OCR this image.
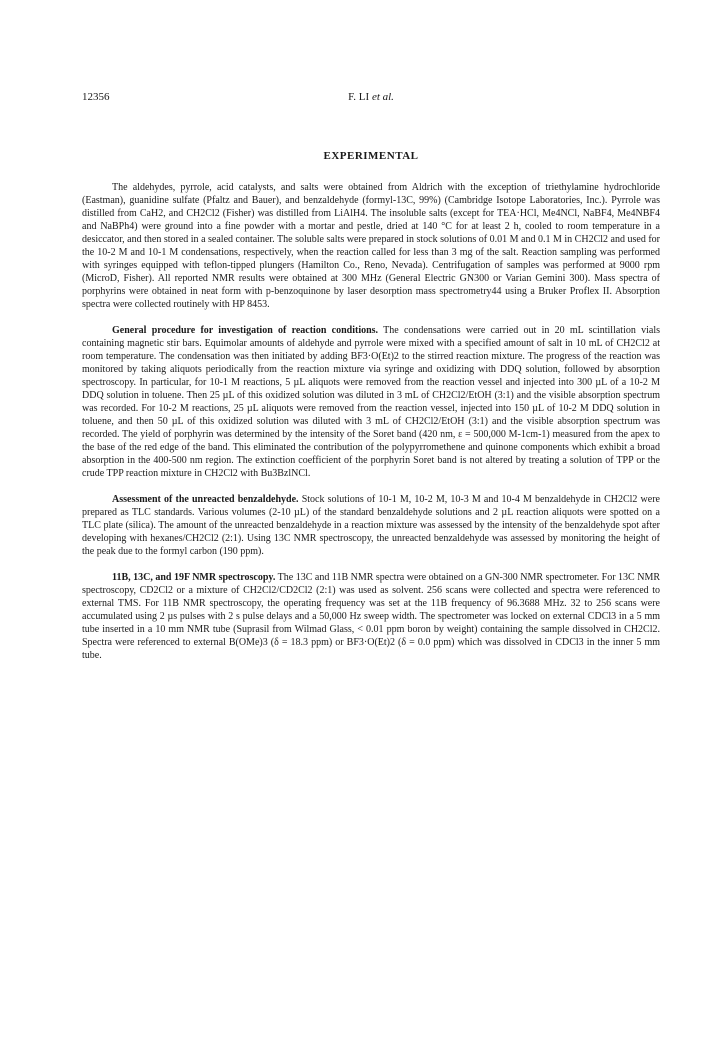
12356	F. LI et al.
EXPERIMENTAL

The aldehydes, pyrrole, acid catalysts, and salts were obtained from Aldrich with the exception of triethylamine hydrochloride (Eastman), guanidine sulfate (Pfaltz and Bauer), and benzaldehyde (formyl-13C, 99%) (Cambridge Isotope Laboratories, Inc.). Pyrrole was distilled from CaH2, and CH2Cl2 (Fisher) was distilled from LiAlH4. The insoluble salts (except for TEA·HCl, Me4NCl, NaBF4, Me4NBF4 and NaBPh4) were ground into a fine powder with a mortar and pestle, dried at 140 °C for at least 2 h, cooled to room temperature in a desiccator, and then stored in a sealed container. The soluble salts were prepared in stock solutions of 0.01 M and 0.1 M in CH2Cl2 and used for the 10-2 M and 10-1 M condensations, respectively, when the reaction called for less than 3 mg of the salt. Reaction sampling was performed with syringes equipped with teflon-tipped plungers (Hamilton Co., Reno, Nevada). Centrifugation of samples was performed at 9000 rpm (MicroD, Fisher). All reported NMR results were obtained at 300 MHz (General Electric GN300 or Varian Gemini 300). Mass spectra of porphyrins were obtained in neat form with p-benzoquinone by laser desorption mass spectrometry44 using a Bruker Proflex II. Absorption spectra were collected routinely with HP 8453.

General procedure for investigation of reaction conditions. The condensations were carried out in 20 mL scintillation vials containing magnetic stir bars. Equimolar amounts of aldehyde and pyrrole were mixed with a specified amount of salt in 10 mL of CH2Cl2 at room temperature. The condensation was then initiated by adding BF3·O(Et)2 to the stirred reaction mixture. The progress of the reaction was monitored by taking aliquots periodically from the reaction mixture via syringe and oxidizing with DDQ solution, followed by absorption spectroscopy. In particular, for 10-1 M reactions, 5 µL aliquots were removed from the reaction vessel and injected into 300 µL of a 10-2 M DDQ solution in toluene. Then 25 µL of this oxidized solution was diluted in 3 mL of CH2Cl2/EtOH (3:1) and the visible absorption spectrum was recorded. For 10-2 M reactions, 25 µL aliquots were removed from the reaction vessel, injected into 150 µL of 10-2 M DDQ solution in toluene, and then 50 µL of this oxidized solution was diluted with 3 mL of CH2Cl2/EtOH (3:1) and the visible absorption spectrum was recorded. The yield of porphyrin was determined by the intensity of the Soret band (420 nm, ε = 500,000 M-1cm-1) measured from the apex to the base of the red edge of the band. This eliminated the contribution of the polypyrromethene and quinone components which exhibit a broad absorption in the 400-500 nm region. The extinction coefficient of the porphyrin Soret band is not altered by treating a solution of TPP or the crude TPP reaction mixture in CH2Cl2 with Bu3BzlNCl.

Assessment of the unreacted benzaldehyde. Stock solutions of 10-1 M, 10-2 M, 10-3 M and 10-4 M benzaldehyde in CH2Cl2 were prepared as TLC standards. Various volumes (2-10 µL) of the standard benzaldehyde solutions and 2 µL reaction aliquots were spotted on a TLC plate (silica). The amount of the unreacted benzaldehyde in a reaction mixture was assessed by the intensity of the benzaldehyde spot after developing with hexanes/CH2Cl2 (2:1). Using 13C NMR spectroscopy, the unreacted benzaldehyde was assessed by monitoring the height of the peak due to the formyl carbon (190 ppm).

11B, 13C, and 19F NMR spectroscopy. The 13C and 11B NMR spectra were obtained on a GN-300 NMR spectrometer. For 13C NMR spectroscopy, CD2Cl2 or a mixture of CH2Cl2/CD2Cl2 (2:1) was used as solvent. 256 scans were collected and spectra were referenced to external TMS. For 11B NMR spectroscopy, the operating frequency was set at the 11B frequency of 96.3688 MHz. 32 to 256 scans were accumulated using 2 µs pulses with 2 s pulse delays and a 50,000 Hz sweep width. The spectrometer was locked on external CDCl3 in a 5 mm tube inserted in a 10 mm NMR tube (Suprasil from Wilmad Glass, < 0.01 ppm boron by weight) containing the sample dissolved in CH2Cl2. Spectra were referenced to external B(OMe)3 (δ = 18.3 ppm) or BF3·O(Et)2 (δ = 0.0 ppm) which was dissolved in CDCl3 in the inner 5 mm tube.
